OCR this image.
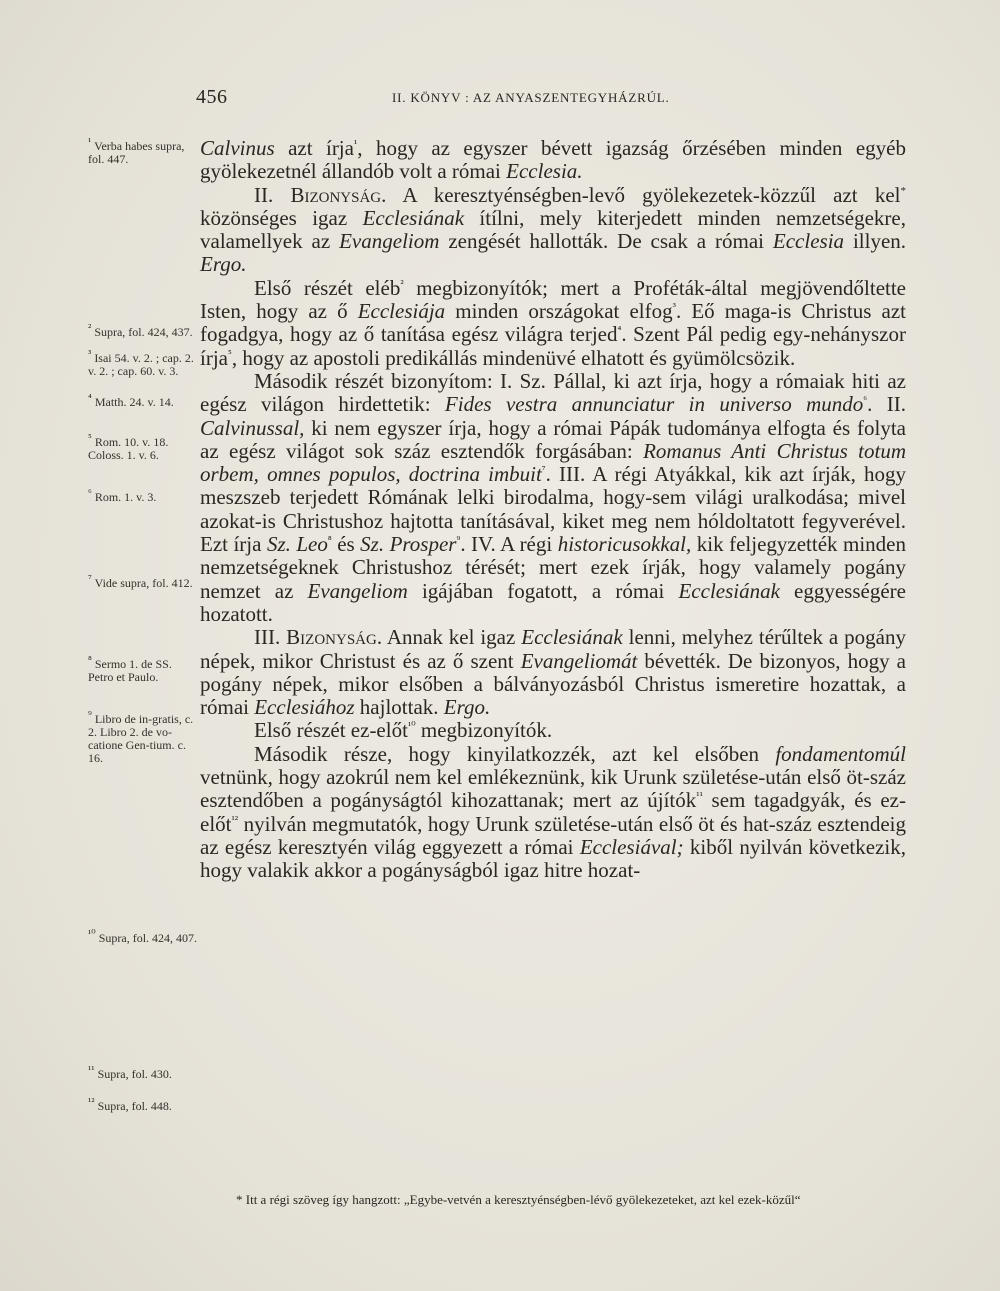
456	II. KÖNYV : AZ ANYASZENTEGYHÁZRÚL.
$^{^1}$ Verba habes supra, fol. 447.
$^{^2}$ Supra, fol. 424, 437.
$^{^3}$ Isai 54. v. 2. ; cap. 2. v. 2. ; cap. 60. v. 3.
$^{^4}$ Matth. 24. v. 14.
$^{^5}$ Rom. 10. v. 18. Coloss. 1. v. 6.
$^{^6}$ Rom. 1. v. 3.
$^{^7}$ Vide supra, fol. 412.
$^{^8}$ Sermo 1. de SS. Petro et Paulo.
$^{^9}$ Libro de in-gratis, c. 2. Libro 2. de vo-catione Gen-tium. c. 16.
$^{^{10}}$ Supra, fol. 424, 407.
$^{^{11}}$ Supra, fol. 430.
$^{^{12}}$ Supra, fol. 448.

Calvinus azt írja$^{^1}$, hogy az egyszer bévett igazság őrzésében minden egyéb gyölekezetnél állandób volt a római Ecclesia.

II. Bizonyság. A keresztyénségben-levő gyölekezetek-közzűl azt kel* közönséges igaz Ecclesiának ítílni, mely kiterjedett minden nemzetségekre, valamellyek az Evangeliom zengését hallották. De csak a római Ecclesia illyen. Ergo.

Első részét eléb$^{^2}$ megbizonyítók; mert a Proféták-által megjövendőltette Isten, hogy az ő Ecclesiája minden országokat elfog$^{^3}$. Eő maga-is Christus azt fogadgya, hogy az ő tanítása egész világra terjed$^{^4}$. Szent Pál pedig egy-nehányszor írja$^{^5}$, hogy az apostoli predikállás mindenüvé elhatott és gyümölcsözik.

Második részét bizonyítom: I. Sz. Pállal, ki azt írja, hogy a rómaiak hiti az egész világon hirdettetik: Fides vestra annunciatur in universo mundo$^{^6}$. II. Calvinussal, ki nem egyszer írja, hogy a római Pápák tudománya elfogta és folyta az egész világot sok száz esztendők forgásában: Romanus Anti Christus totum orbem, omnes populos, doctrina imbuit$^{^7}$. III. A régi Atyákkal, kik azt írják, hogy meszszeb terjedett Rómának lelki birodalma, hogy-sem világi uralkodása; mivel azokat-is Christushoz hajtotta tanításával, kiket meg nem hóldoltatott fegyverével. Ezt írja Sz. Leo$^{^8}$ és Sz. Prosper$^{^9}$. IV. A régi historicusokkal, kik feljegyzették minden nemzetségeknek Christushoz térését; mert ezek írják, hogy valamely pogány nemzet az Evangeliom igájában fogatott, a római Ecclesiának eggyességére hozatott.

III. Bizonyság. Annak kel igaz Ecclesiának lenni, melyhez térűltek a pogány népek, mikor Christust és az ő szent Evangeliomát bévették. De bizonyos, hogy a pogány népek, mikor elsőben a bálványozásból Christus ismeretire hozattak, a római Ecclesiához hajlottak. Ergo.

Első részét ez-előt$^{^{10}}$ megbizonyítók.

Második része, hogy kinyilatkozzék, azt kel elsőben fondamentomúl vetnünk, hogy azokrúl nem kel emlékeznünk, kik Urunk születése-után első öt-száz esztendőben a pogányságtól kihozattanak; mert az újítók$^{^{11}}$ sem tagadgyák, és ez-előt$^{^{12}}$ nyilván megmutatók, hogy Urunk születése-után első öt és hat-száz esztendeig az egész keresztyén világ eggyezett a római Ecclesiával; kiből nyilván következik, hogy valakik akkor a pogányságból igaz hitre hozat-

* Itt a régi szöveg így hangzott: „Egybe-vetvén a keresztyénségben-lévő gyölekezeteket, azt kel ezek-közűl“
